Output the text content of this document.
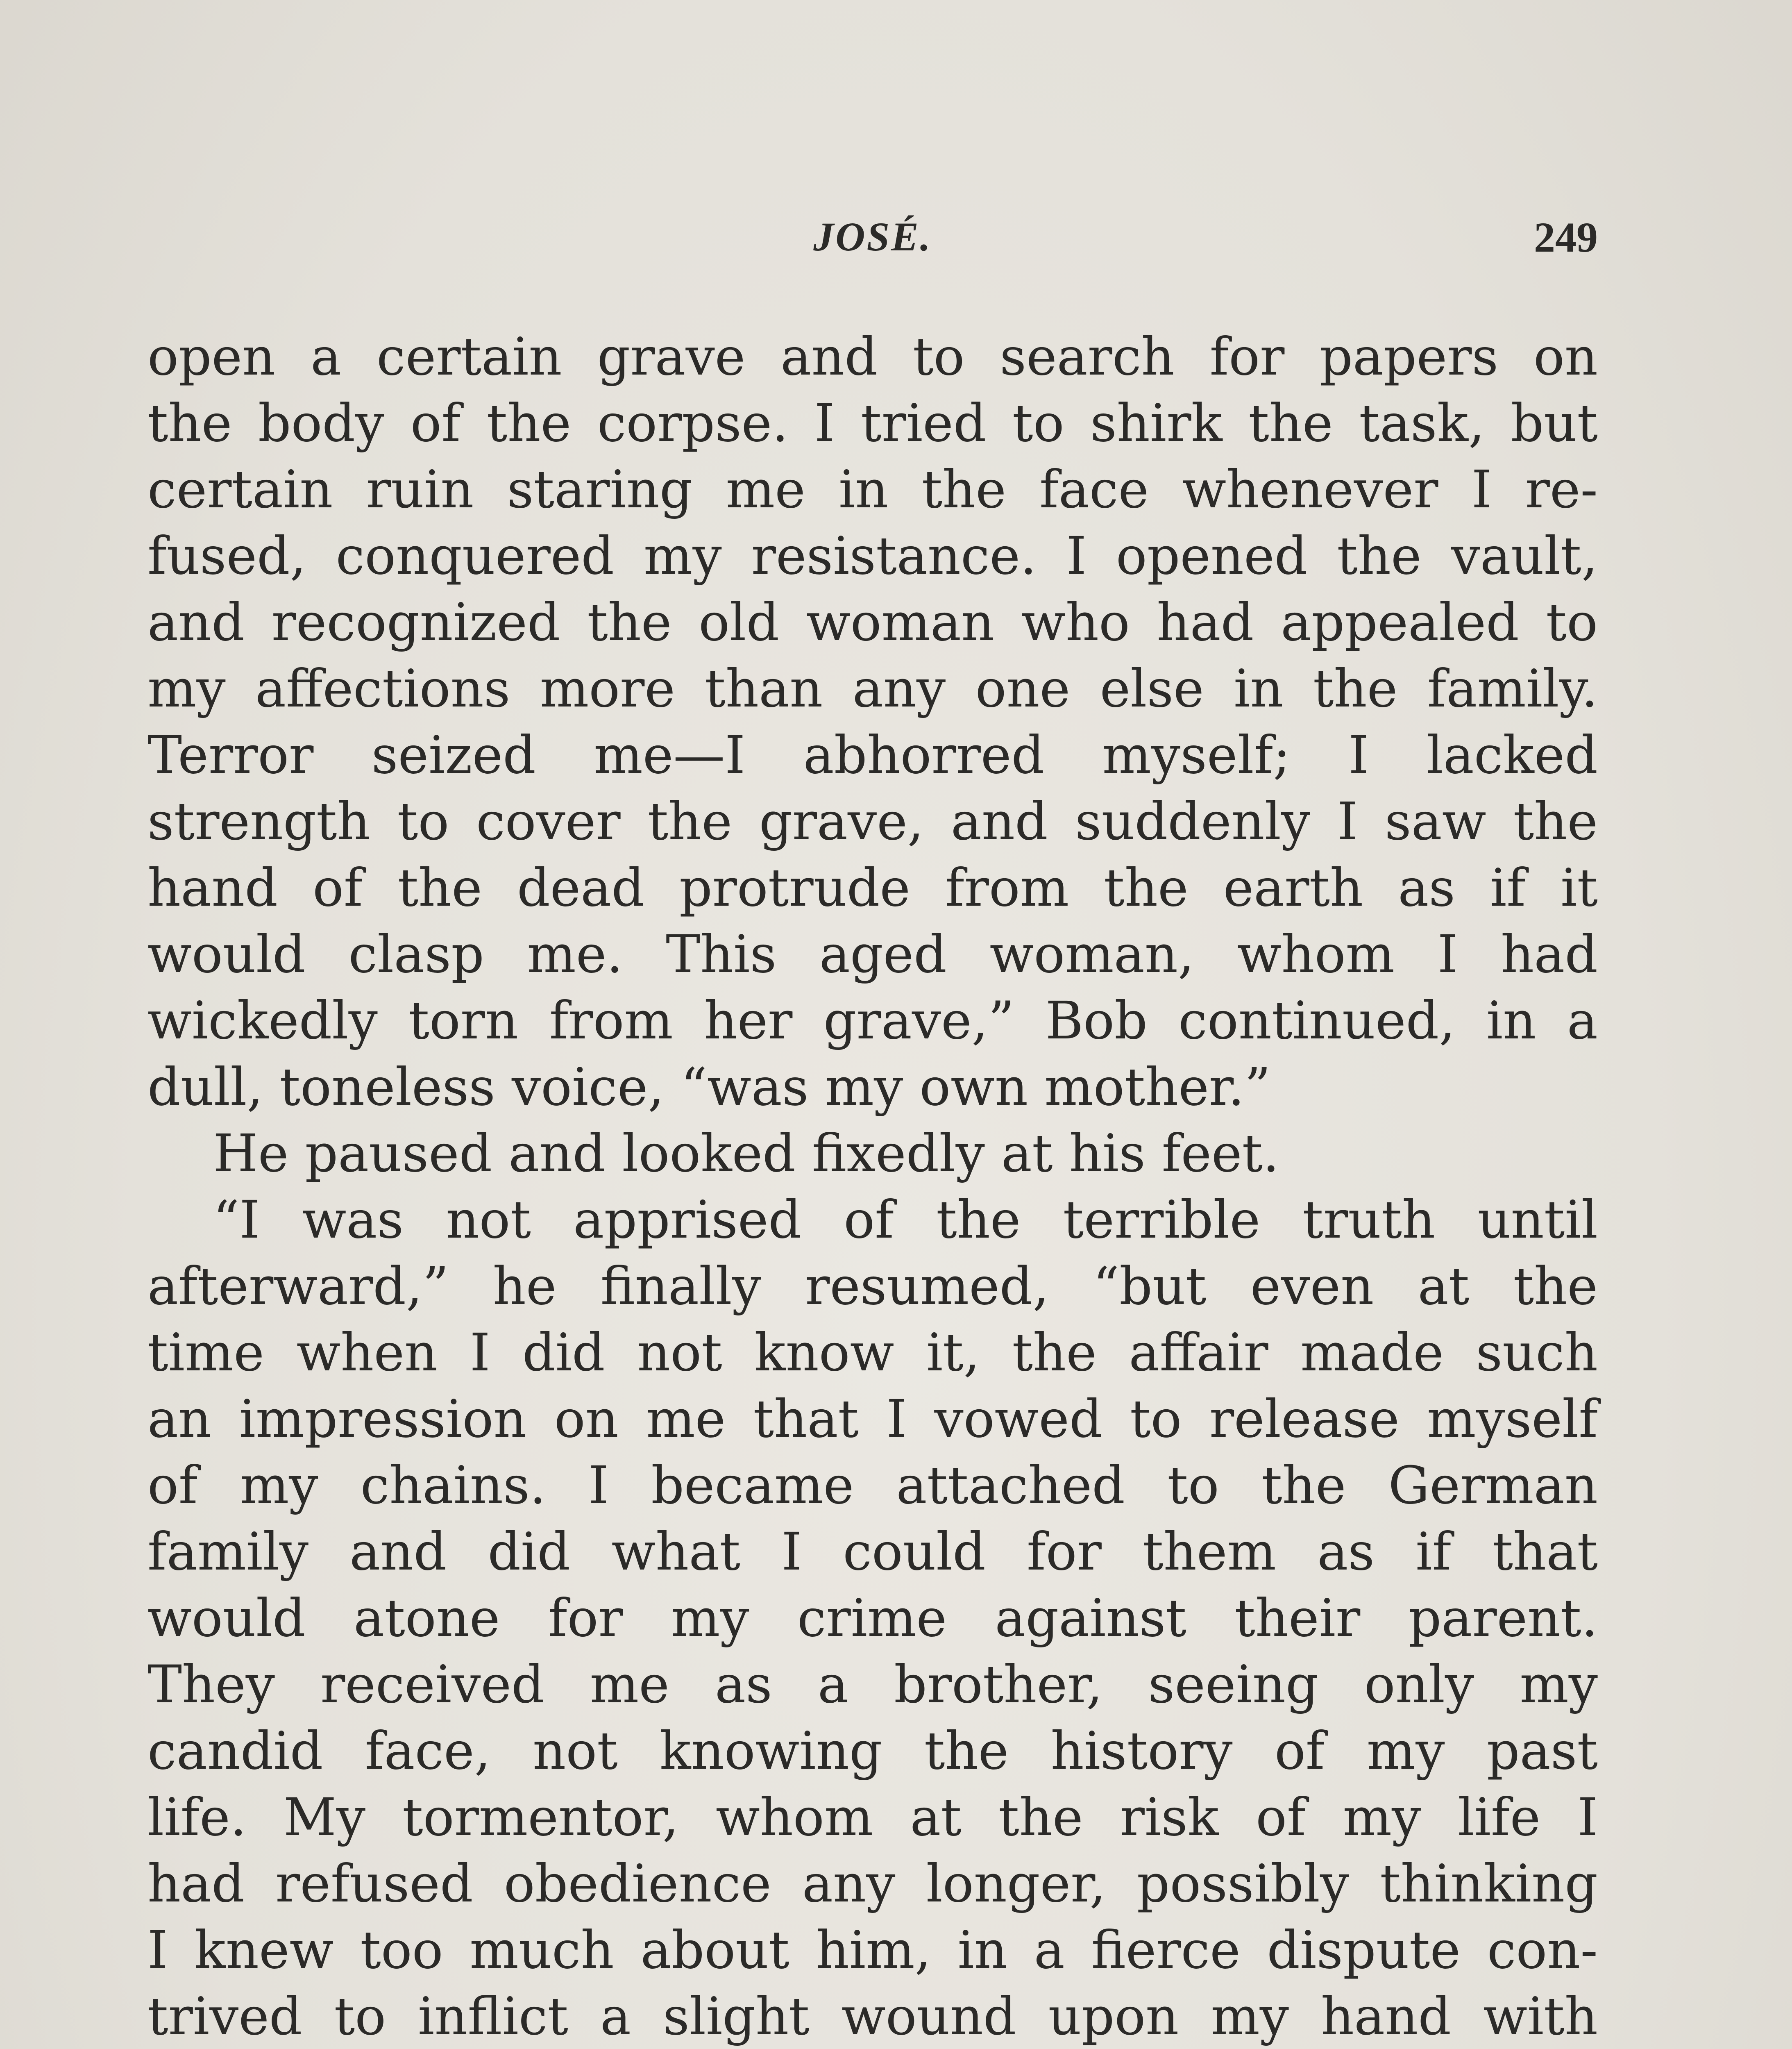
JOSÉ.	249
open a certain grave and to search for papers on
the body of the corpse. I tried to shirk the task, but
certain ruin staring me in the face whenever I re-
fused, conquered my resistance. I opened the vault,
and recognized the old woman who had appealed to
my affections more than any one else in the family.
Terror seized me—I abhorred myself; I lacked
strength to cover the grave, and suddenly I saw the
hand of the dead protrude from the earth as if it
would clasp me. This aged woman, whom I had
wickedly torn from her grave,” Bob continued, in a
dull, toneless voice, “was my own mother.”
He paused and looked fixedly at his feet.
“I was not apprised of the terrible truth until
afterward,” he finally resumed, “but even at the
time when I did not know it, the affair made such
an impression on me that I vowed to release myself
of my chains. I became attached to the German
family and did what I could for them as if that
would atone for my crime against their parent.
They received me as a brother, seeing only my
candid face, not knowing the history of my past
life. My tormentor, whom at the risk of my life I
had refused obedience any longer, possibly thinking
I knew too much about him, in a fierce dispute con-
trived to inflict a slight wound upon my hand with
